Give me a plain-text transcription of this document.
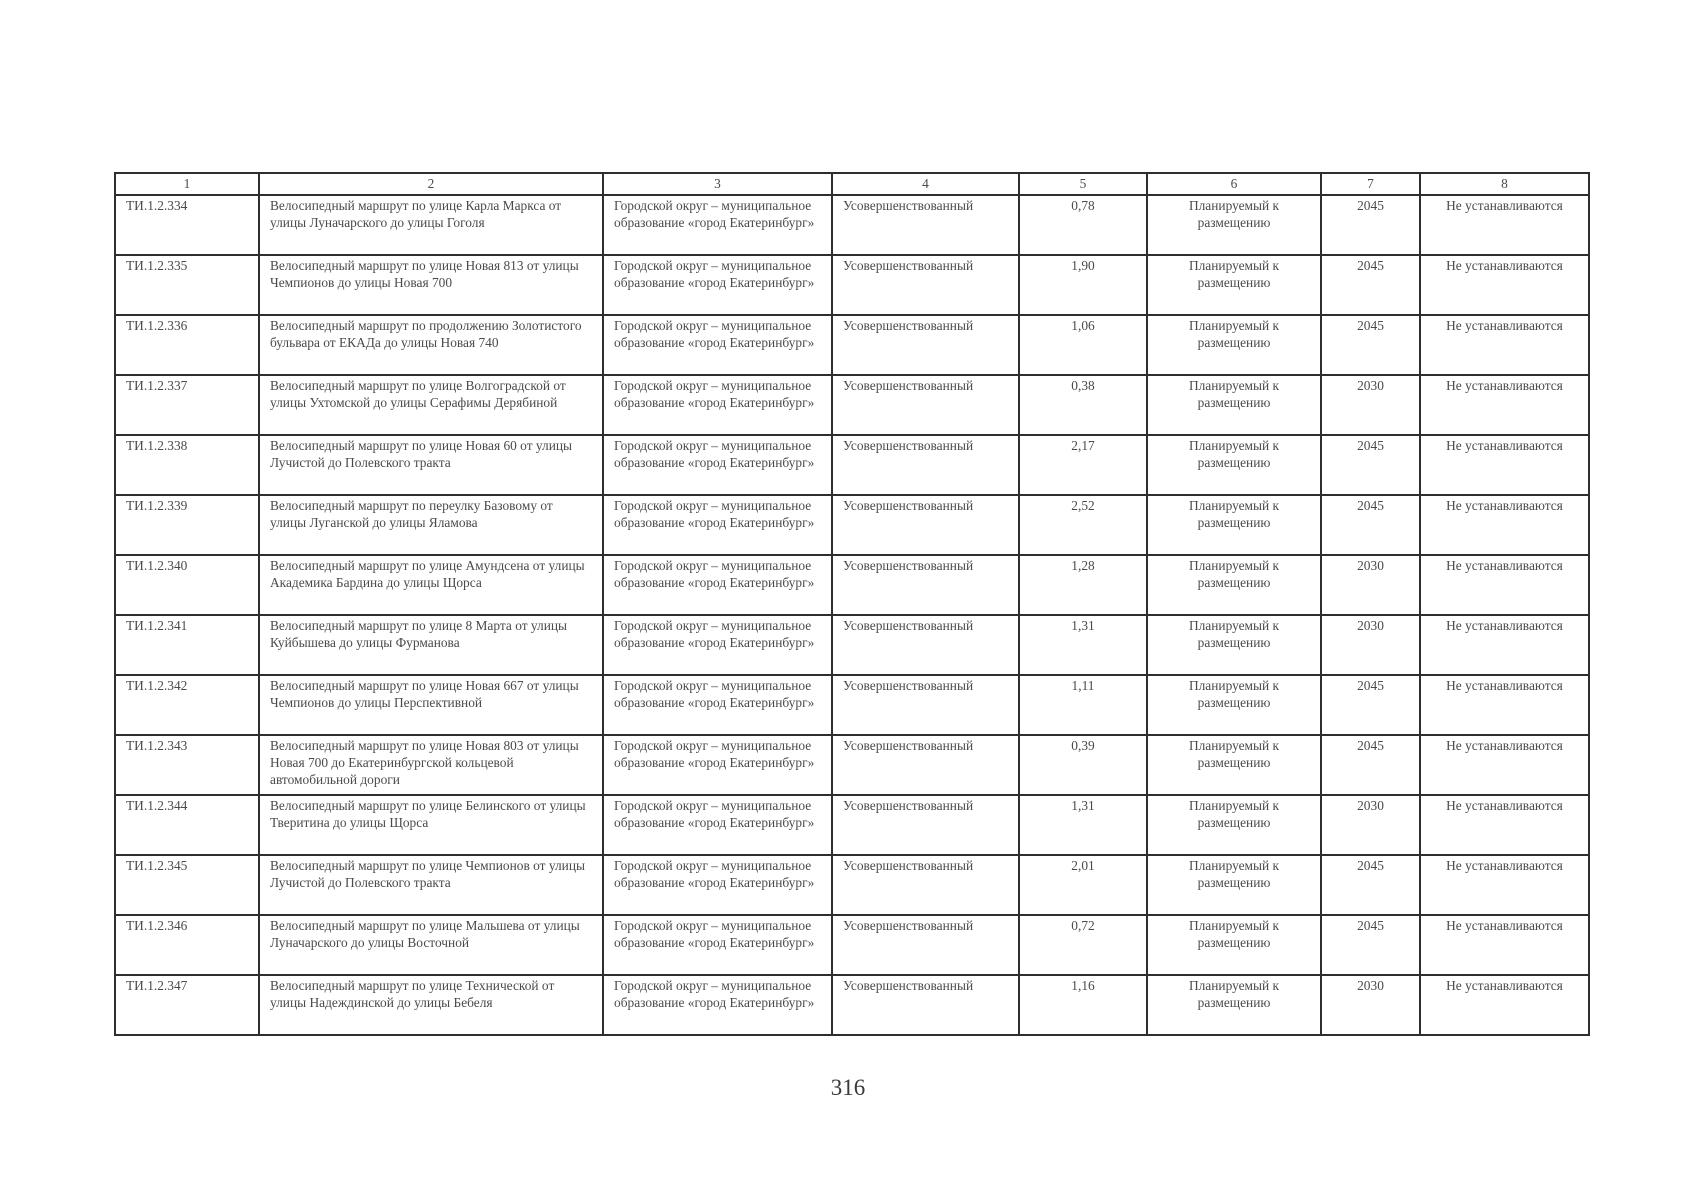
1	2	3	4	5	6	7	8
ТИ.1.2.334	Велосипедный маршрут по улице Карла Маркса от улицы Луначарского до улицы Гоголя	Городской округ – муниципальное образование «город Екатеринбург»	Усовершенствованный	0,78	Планируемый к размещению	2045	Не устанавливаются
ТИ.1.2.335	Велосипедный маршрут по улице Новая 813 от улицы Чемпионов до улицы Новая 700	Городской округ – муниципальное образование «город Екатеринбург»	Усовершенствованный	1,90	Планируемый к размещению	2045	Не устанавливаются
ТИ.1.2.336	Велосипедный маршрут по продолжению Золотистого бульвара от ЕКАДа до улицы Новая 740	Городской округ – муниципальное образование «город Екатеринбург»	Усовершенствованный	1,06	Планируемый к размещению	2045	Не устанавливаются
ТИ.1.2.337	Велосипедный маршрут по улице Волгоградской от улицы Ухтомской до улицы Серафимы Дерябиной	Городской округ – муниципальное образование «город Екатеринбург»	Усовершенствованный	0,38	Планируемый к размещению	2030	Не устанавливаются
ТИ.1.2.338	Велосипедный маршрут по улице Новая 60 от улицы Лучистой до Полевского тракта	Городской округ – муниципальное образование «город Екатеринбург»	Усовершенствованный	2,17	Планируемый к размещению	2045	Не устанавливаются
ТИ.1.2.339	Велосипедный маршрут по переулку Базовому от улицы Луганской до улицы Яламова	Городской округ – муниципальное образование «город Екатеринбург»	Усовершенствованный	2,52	Планируемый к размещению	2045	Не устанавливаются
ТИ.1.2.340	Велосипедный маршрут по улице Амундсена от улицы Академика Бардина до улицы Щорса	Городской округ – муниципальное образование «город Екатеринбург»	Усовершенствованный	1,28	Планируемый к размещению	2030	Не устанавливаются
ТИ.1.2.341	Велосипедный маршрут по улице 8 Марта от улицы Куйбышева до улицы Фурманова	Городской округ – муниципальное образование «город Екатеринбург»	Усовершенствованный	1,31	Планируемый к размещению	2030	Не устанавливаются
ТИ.1.2.342	Велосипедный маршрут по улице Новая 667 от улицы Чемпионов до улицы Перспективной	Городской округ – муниципальное образование «город Екатеринбург»	Усовершенствованный	1,11	Планируемый к размещению	2045	Не устанавливаются
ТИ.1.2.343	Велосипедный маршрут по улице Новая 803 от улицы Новая 700 до Екатеринбургской кольцевой автомобильной дороги	Городской округ – муниципальное образование «город Екатеринбург»	Усовершенствованный	0,39	Планируемый к размещению	2045	Не устанавливаются
ТИ.1.2.344	Велосипедный маршрут по улице Белинского от улицы Тверитина до улицы Щорса	Городской округ – муниципальное образование «город Екатеринбург»	Усовершенствованный	1,31	Планируемый к размещению	2030	Не устанавливаются
ТИ.1.2.345	Велосипедный маршрут по улице Чемпионов от улицы Лучистой до Полевского тракта	Городской округ – муниципальное образование «город Екатеринбург»	Усовершенствованный	2,01	Планируемый к размещению	2045	Не устанавливаются
ТИ.1.2.346	Велосипедный маршрут по улице Мальшева от улицы Луначарского до улицы Восточной	Городской округ – муниципальное образование «город Екатеринбург»	Усовершенствованный	0,72	Планируемый к размещению	2045	Не устанавливаются
ТИ.1.2.347	Велосипедный маршрут по улице Технической от улицы Надеждинской до улицы Бебеля	Городской округ – муниципальное образование «город Екатеринбург»	Усовершенствованный	1,16	Планируемый к размещению	2030	Не устанавливаются
316
